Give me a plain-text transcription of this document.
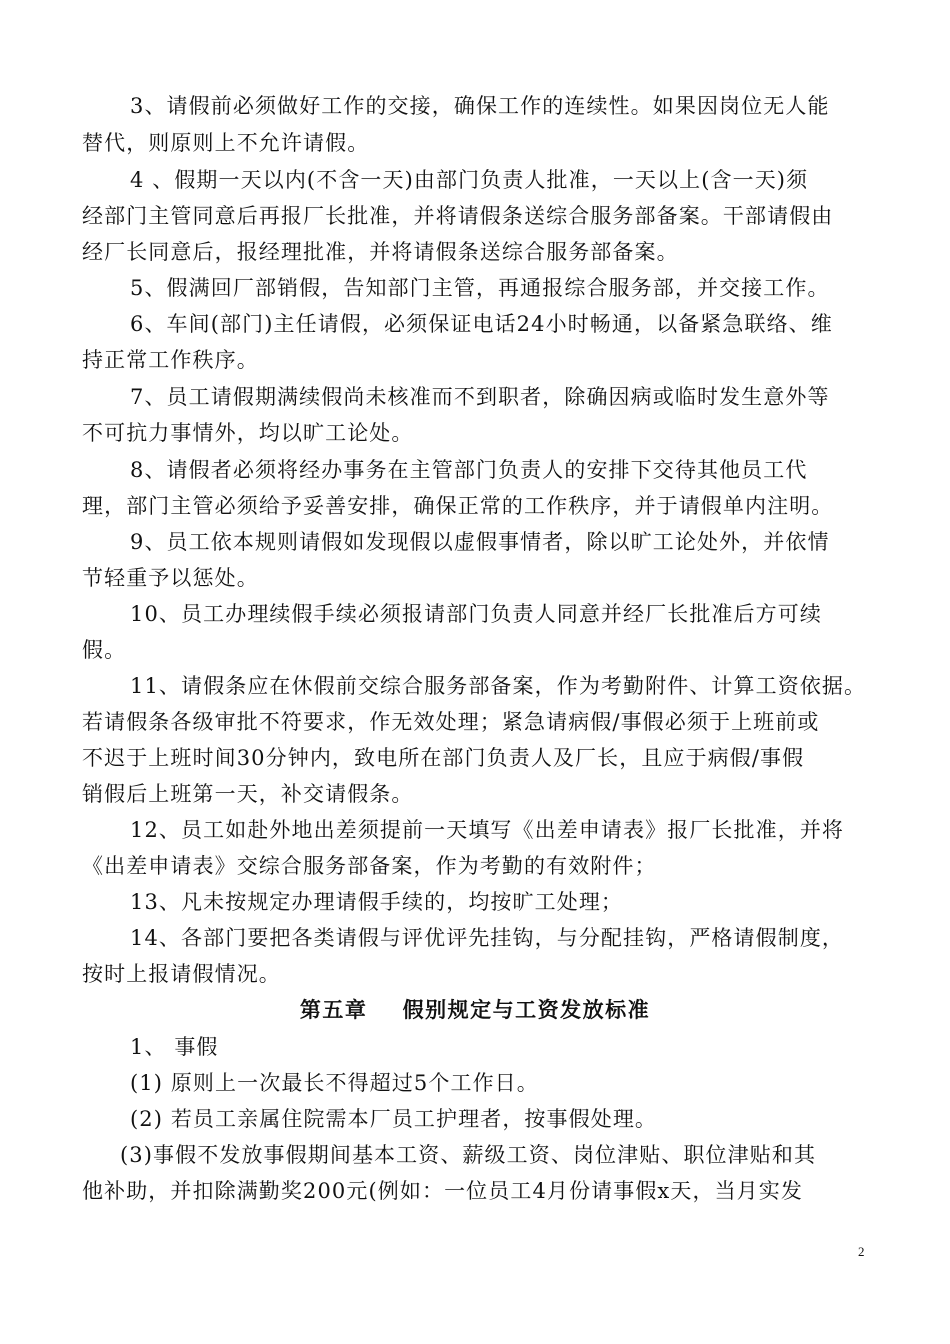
3、请假前必须做好工作的交接，确保工作的连续性。如果因岗位无人能
替代，则原则上不允许请假。
4 、假期一天以内(不含一天)由部门负责人批准，一天以上(含一天)须
经部门主管同意后再报厂长批准，并将请假条送综合服务部备案。干部请假由
经厂长同意后，报经理批准，并将请假条送综合服务部备案。
5、假满回厂部销假，告知部门主管，再通报综合服务部，并交接工作。
6、车间(部门)主任请假，必须保证电话24小时畅通，以备紧急联络、维
持正常工作秩序。
7、员工请假期满续假尚未核准而不到职者，除确因病或临时发生意外等
不可抗力事情外，均以旷工论处。
8、请假者必须将经办事务在主管部门负责人的安排下交待其他员工代
理，部门主管必须给予妥善安排，确保正常的工作秩序，并于请假单内注明。
9、员工依本规则请假如发现假以虚假事情者，除以旷工论处外，并依情
节轻重予以惩处。
10、员工办理续假手续必须报请部门负责人同意并经厂长批准后方可续
假。
11、请假条应在休假前交综合服务部备案，作为考勤附件、计算工资依据。
若请假条各级审批不符要求，作无效处理；紧急请病假/事假必须于上班前或
不迟于上班时间30分钟内，致电所在部门负责人及厂长，且应于病假/事假
销假后上班第一天，补交请假条。
12、员工如赴外地出差须提前一天填写《出差申请表》报厂长批准，并将
《出差申请表》交综合服务部备案，作为考勤的有效附件；
13、凡未按规定办理请假手续的，均按旷工处理；
14、各部门要把各类请假与评优评先挂钩，与分配挂钩，严格请假制度，
按时上报请假情况。
第五章    假别规定与工资发放标准
1、 事假
(1) 原则上一次最长不得超过5个工作日。
(2) 若员工亲属住院需本厂员工护理者，按事假处理。
(3)事假不发放事假期间基本工资、薪级工资、岗位津贴、职位津贴和其
他补助，并扣除满勤奖200元(例如：一位员工4月份请事假x天，当月实发
2
